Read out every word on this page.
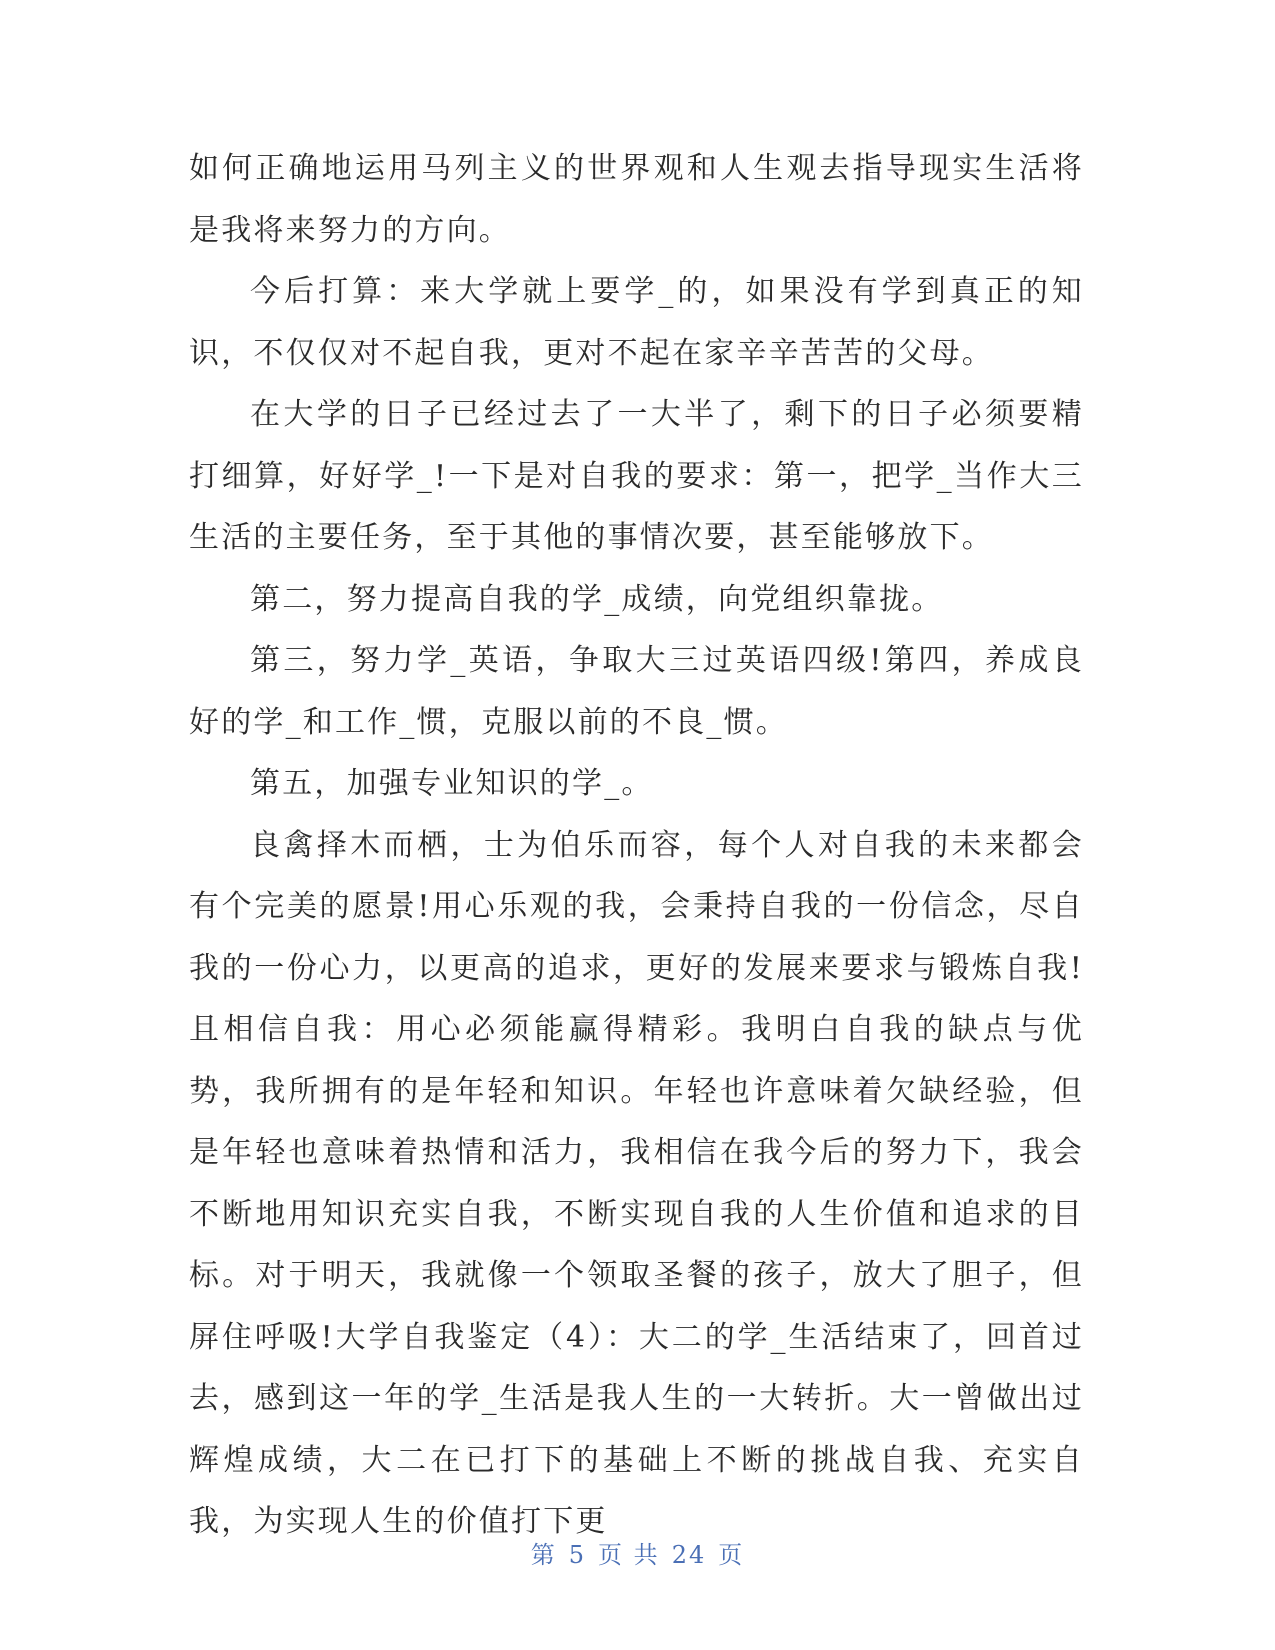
如何正确地运用马列主义的世界观和人生观去指导现实生活将是我将来努力的方向。

今后打算：来大学就上要学_的，如果没有学到真正的知识，不仅仅对不起自我，更对不起在家辛辛苦苦的父母。

在大学的日子已经过去了一大半了，剩下的日子必须要精打细算，好好学_!一下是对自我的要求：第一，把学_当作大三生活的主要任务，至于其他的事情次要，甚至能够放下。

第二，努力提高自我的学_成绩，向党组织靠拢。

第三，努力学_英语，争取大三过英语四级!第四，养成良好的学_和工作_惯，克服以前的不良_惯。

第五，加强专业知识的学_。

良禽择木而栖，士为伯乐而容，每个人对自我的未来都会有个完美的愿景!用心乐观的我，会秉持自我的一份信念，尽自我的一份心力，以更高的追求，更好的发展来要求与锻炼自我!且相信自我：用心必须能赢得精彩。我明白自我的缺点与优势，我所拥有的是年轻和知识。年轻也许意味着欠缺经验，但是年轻也意味着热情和活力，我相信在我今后的努力下，我会不断地用知识充实自我，不断实现自我的人生价值和追求的目标。对于明天，我就像一个领取圣餐的孩子，放大了胆子，但屏住呼吸!大学自我鉴定（4）：大二的学_生活结束了，回首过去，感到这一年的学_生活是我人生的一大转折。大一曾做出过辉煌成绩，大二在已打下的基础上不断的挑战自我、充实自我，为实现人生的价值打下更

第 5 页 共 24 页
